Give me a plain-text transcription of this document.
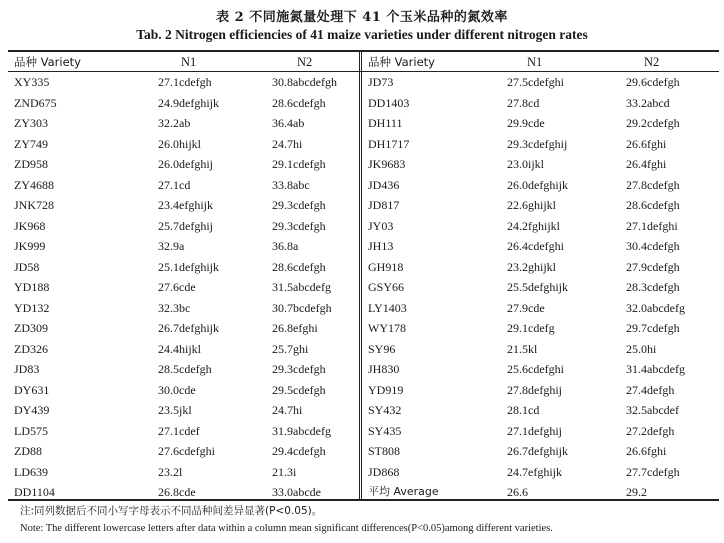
表 2 不同施氮量处理下 41 个玉米品种的氮效率
Tab. 2 Nitrogen efficiencies of 41 maize varieties under different nitrogen rates
品种 Variety	N1	N2	品种 Variety	N1	N2
XY335	27.1cdefgh	30.8abcdefgh
ZND675	24.9defghijk	28.6cdefgh
ZY303	32.2ab	36.4ab
ZY749	26.0hijkl	24.7hi
ZD958	26.0defghij	29.1cdefgh
ZY4688	27.1cd	33.8abc
JNK728	23.4efghijk	29.3cdefgh
JK968	25.7defghij	29.3cdefgh
JK999	32.9a	36.8a
JD58	25.1defghijk	28.6cdefgh
YD188	27.6cde	31.5abcdefg
YD132	32.3bc	30.7bcdefgh
ZD309	26.7defghijk	26.8efghi
ZD326	24.4hijkl	25.7ghi
JD83	28.5cdefgh	29.3cdefgh
DY631	30.0cde	29.5cdefgh
DY439	23.5jkl	24.7hi
LD575	27.1cdef	31.9abcdefg
ZD88	27.6cdefghi	29.4cdefgh
LD639	23.2l	21.3i
DD1104	26.8cde	33.0abcde
JD73	27.5cdefghi	29.6cdefgh
DD1403	27.8cd	33.2abcd
DH111	29.9cde	29.2cdefgh
DH1717	29.3cdefghij	26.6fghi
JK9683	23.0ijkl	26.4fghi
JD436	26.0defghijk	27.8cdefgh
JD817	22.6ghijkl	28.6cdefgh
JY03	24.2fghijkl	27.1defghi
JH13	26.4cdefghi	30.4cdefgh
GH918	23.2ghijkl	27.9cdefgh
GSY66	25.5defghijk	28.3cdefgh
LY1403	27.9cde	32.0abcdefg
WY178	29.1cdefg	29.7cdefgh
SY96	21.5kl	25.0hi
JH830	25.6cdefghi	31.4abcdefg
YD919	27.8defghij	27.4defgh
SY432	28.1cd	32.5abcdef
SY435	27.1defghij	27.2defgh
ST808	26.7defghijk	26.6fghi
JD868	24.7efghijk	27.7cdefgh
平均 Average	26.6	29.2
注:同列数据后不同小写字母表示不同品种间差异显著(P<0.05)。
Note: The different lowercase letters after data within a column mean significant differences(P<0.05)among different varieties.
